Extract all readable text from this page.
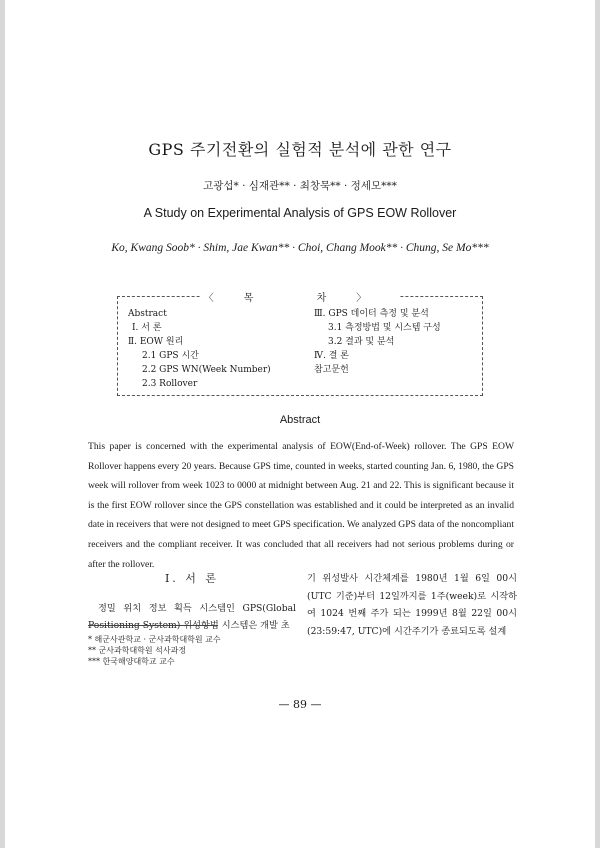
GPS 주기전환의 실험적 분석에 관한 연구
고광섭* · 심재관** · 최창묵** · 정세모***
A Study on Experimental Analysis of GPS EOW Rollover
Ko, Kwang Soob* · Shim, Jae Kwan** · Choi, Chang Mook** · Chung, Se Mo***
〈목 차〉
Abstract
Ⅰ. 서 론
Ⅱ. EOW 원리
2.1 GPS 시간
2.2 GPS WN(Week Number)
2.3 Rollover
Ⅲ. GPS 데이터 측정 및 분석
3.1 측정방법 및 시스템 구성
3.2 결과 및 분석
Ⅳ. 결 론
참고문헌
Abstract
This paper is concerned with the experimental analysis of EOW(End-of-Week) rollover. The GPS EOW Rollover happens every 20 years. Because GPS time, counted in weeks, started counting Jan. 6, 1980, the GPS week will rollover from week 1023 to 0000 at midnight between Aug. 21 and 22. This is significant because it is the first EOW rollover since the GPS constellation was established and it could be interpreted as an invalid date in receivers that were not designed to meet GPS specification. We analyzed GPS data of the noncompliant receivers and the compliant receiver. It was concluded that all receivers had not serious problems during or after the rollover.
Ⅰ. 서 론
정밀 위치 정보 획득 시스템인 GPS(Global Positioning System) 위성항법 시스템은 개발 초
기 위성발사 시간체계를 1980년 1월 6일 00시(UTC 기준)부터 12일까지를 1주(week)로 시작하여 1024 번째 주가 되는 1999년 8월 22일 00시(23:59:47, UTC)에 시간주기가 종료되도록 설계
* 해군사관학교 · 군사과학대학원 교수
** 군사과학대학원 석사과정
*** 한국해양대학교 교수
— 89 —
